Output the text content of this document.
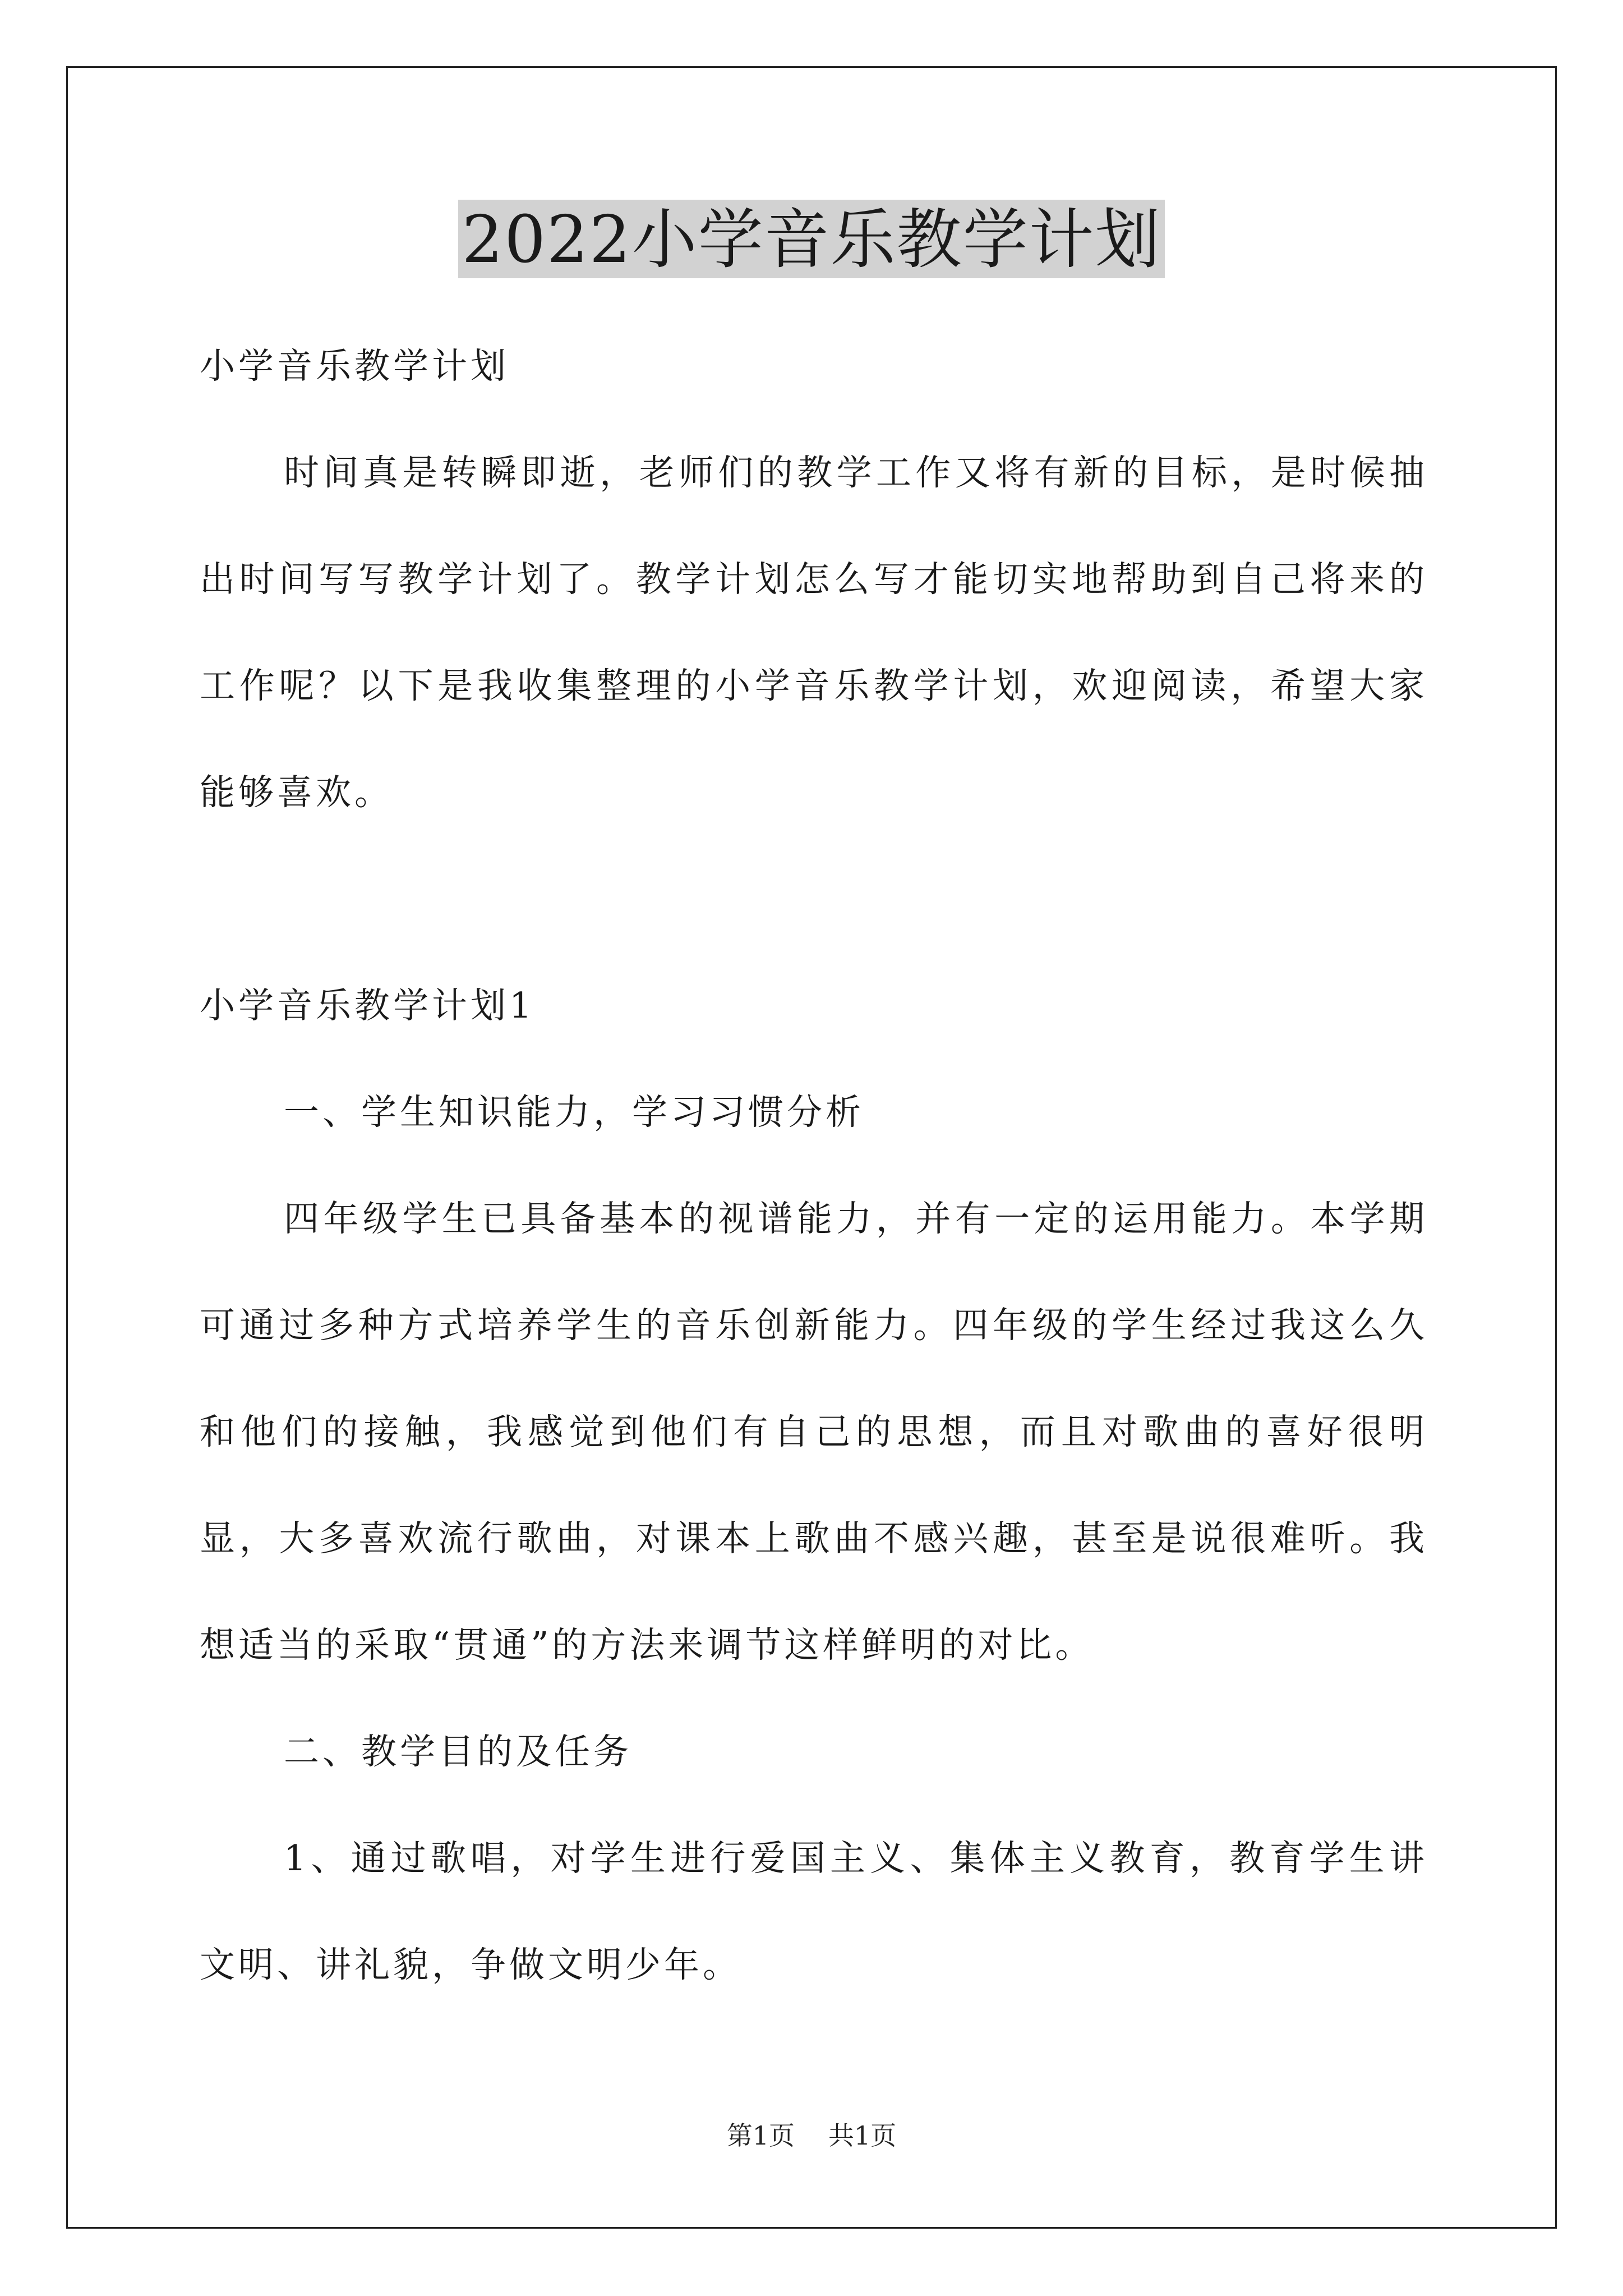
2022小学音乐教学计划

小学音乐教学计划

时间真是转瞬即逝，老师们的教学工作又将有新的目标，是时候抽出时间写写教学计划了。教学计划怎么写才能切实地帮助到自己将来的工作呢？以下是我收集整理的小学音乐教学计划，欢迎阅读，希望大家能够喜欢。

小学音乐教学计划1

一、学生知识能力，学习习惯分析

四年级学生已具备基本的视谱能力，并有一定的运用能力。本学期可通过多种方式培养学生的音乐创新能力。四年级的学生经过我这么久和他们的接触，我感觉到他们有自己的思想，而且对歌曲的喜好很明显，大多喜欢流行歌曲，对课本上歌曲不感兴趣，甚至是说很难听。我想适当的采取“贯通”的方法来调节这样鲜明的对比。

二、教学目的及任务

1、通过歌唱，对学生进行爱国主义、集体主义教育，教育学生讲文明、讲礼貌，争做文明少年。

第1页 共1页
